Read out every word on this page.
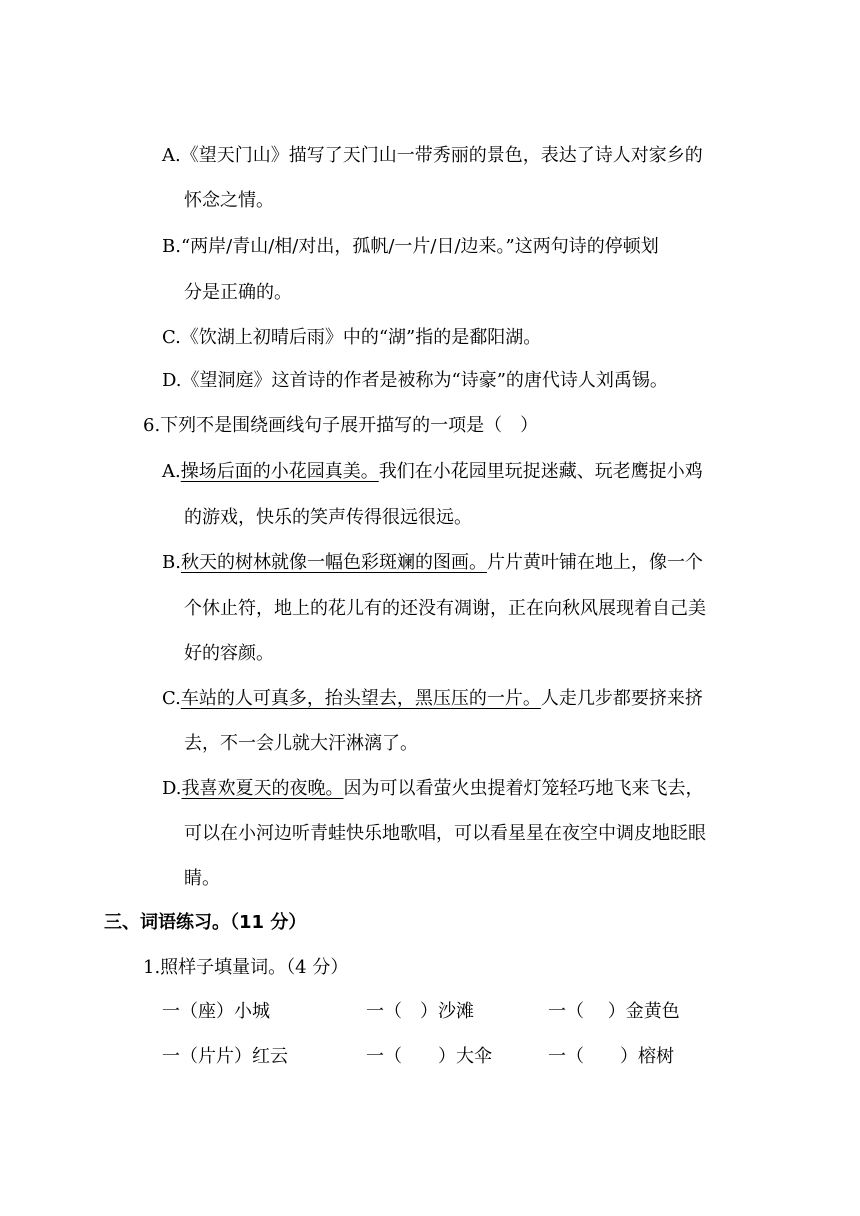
A.《望天门山》描写了天门山一带秀丽的景色，表达了诗人对家乡的
怀念之情。
B.“两岸/青山/相/对出，孤帆/一片/日/边来。”这两句诗的停顿划
分是正确的。
C.《饮湖上初晴后雨》中的“湖”指的是鄱阳湖。
D.《望洞庭》这首诗的作者是被称为“诗豪”的唐代诗人刘禹锡。
6.下列不是围绕画线句子展开描写的一项是（　）
A.操场后面的小花园真美。我们在小花园里玩捉迷藏、玩老鹰捉小鸡
的游戏，快乐的笑声传得很远很远。
B.秋天的树林就像一幅色彩斑斓的图画。片片黄叶铺在地上，像一个
个休止符，地上的花儿有的还没有凋谢，正在向秋风展现着自己美
好的容颜。
C.车站的人可真多，抬头望去，黑压压的一片。人走几步都要挤来挤
去，不一会儿就大汗淋漓了。
D.我喜欢夏天的夜晚。因为可以看萤火虫提着灯笼轻巧地飞来飞去，
可以在小河边听青蛙快乐地歌唱，可以看星星在夜空中调皮地眨眼
睛。
三、词语练习。（11 分）
1.照样子填量词。（4 分）
一（座）小城	一（　）沙滩	一（　 ）金黄色
一（片片）红云	一（　　）大伞	一（　　）榕树
